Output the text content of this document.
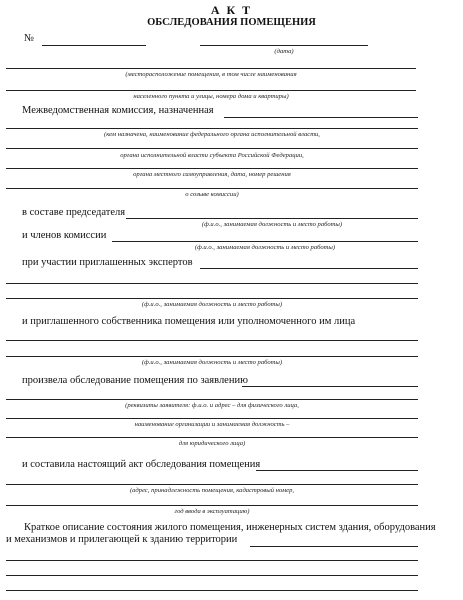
А К Т
ОБСЛЕДОВАНИЯ ПОМЕЩЕНИЯ
№
(дата)
(месторасположение помещения, в том числе наименования
населенного пункта и улицы, номера дома и квартиры)
Межведомственная комиссия, назначенная
(кем назначена, наименование федерального органа исполнительной власти,
органа исполнительной власти субъекта Российской Федерации,
органа местного самоуправления, дата, номер решения
о созыве комиссии)
в составе председателя
(ф.и.о., занимаемая должность и место работы)
и членов комиссии
(ф.и.о., занимаемая должность и место работы)
при участии приглашенных экспертов
(ф.и.о., занимаемая должность и место работы)
и приглашенного собственника помещения или уполномоченного им лица
(ф.и.о., занимаемая должность и место работы)
произвела обследование помещения по заявлению
(реквизиты заявителя: ф.и.о. и адрес – для физического лица,
наименование организации и занимаемая должность –
для юридического лица)
и составила настоящий акт обследования помещения
(адрес, принадлежность помещения, кадастровый номер,
год ввода в эксплуатацию)
Краткое описание состояния жилого помещения, инженерных систем здания, оборудования
и механизмов и прилегающей к зданию территории
